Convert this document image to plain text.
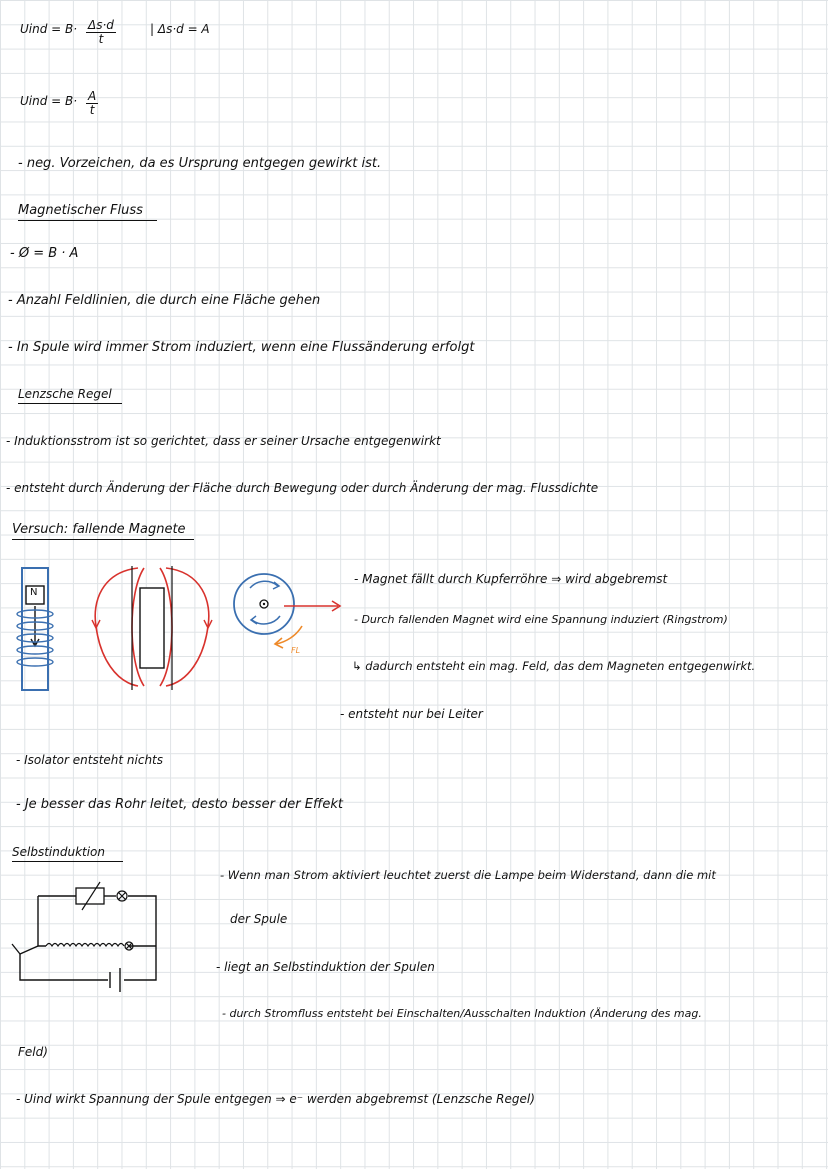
Uind = $B\cdot \frac{\Delta s\cdot d}{t}$	| Δs·d = A
Uind = $B\cdot \frac{A}{t}$
- neg. Vorzeichen, da es Ursprung entgegen gewirkt ist.
Magnetischer Fluss
- Ø = B · A
- Anzahl Feldlinien, die durch eine Fläche gehen
- In Spule wird immer Strom induziert, wenn eine Flussänderung erfolgt
Lenzsche Regel
- Induktionsstrom ist so gerichtet, dass er seiner Ursache entgegenwirkt
- entsteht durch Änderung der Fläche durch Bewegung oder durch Änderung der mag. Flussdichte
Versuch: fallende Magnete
N
FL
- Magnet fällt durch Kupferröhre ⇒ wird abgebremst
- Durch fallenden Magnet wird eine Spannung induziert (Ringstrom)
↳ dadurch entsteht ein mag. Feld, das dem Magneten entgegenwirkt.
- entsteht nur bei Leiter
- Isolator entsteht nichts
- Je besser das Rohr leitet, desto besser der Effekt
Selbstinduktion
- Wenn man Strom aktiviert leuchtet zuerst die Lampe beim Widerstand, dann die mit
der Spule
- liegt an Selbstinduktion der Spulen
- durch Stromfluss entsteht bei Einschalten/Ausschalten Induktion (Änderung des mag.
Feld)
- Uind wirkt Spannung der Spule entgegen ⇒ e⁻ werden abgebremst (Lenzsche Regel)
